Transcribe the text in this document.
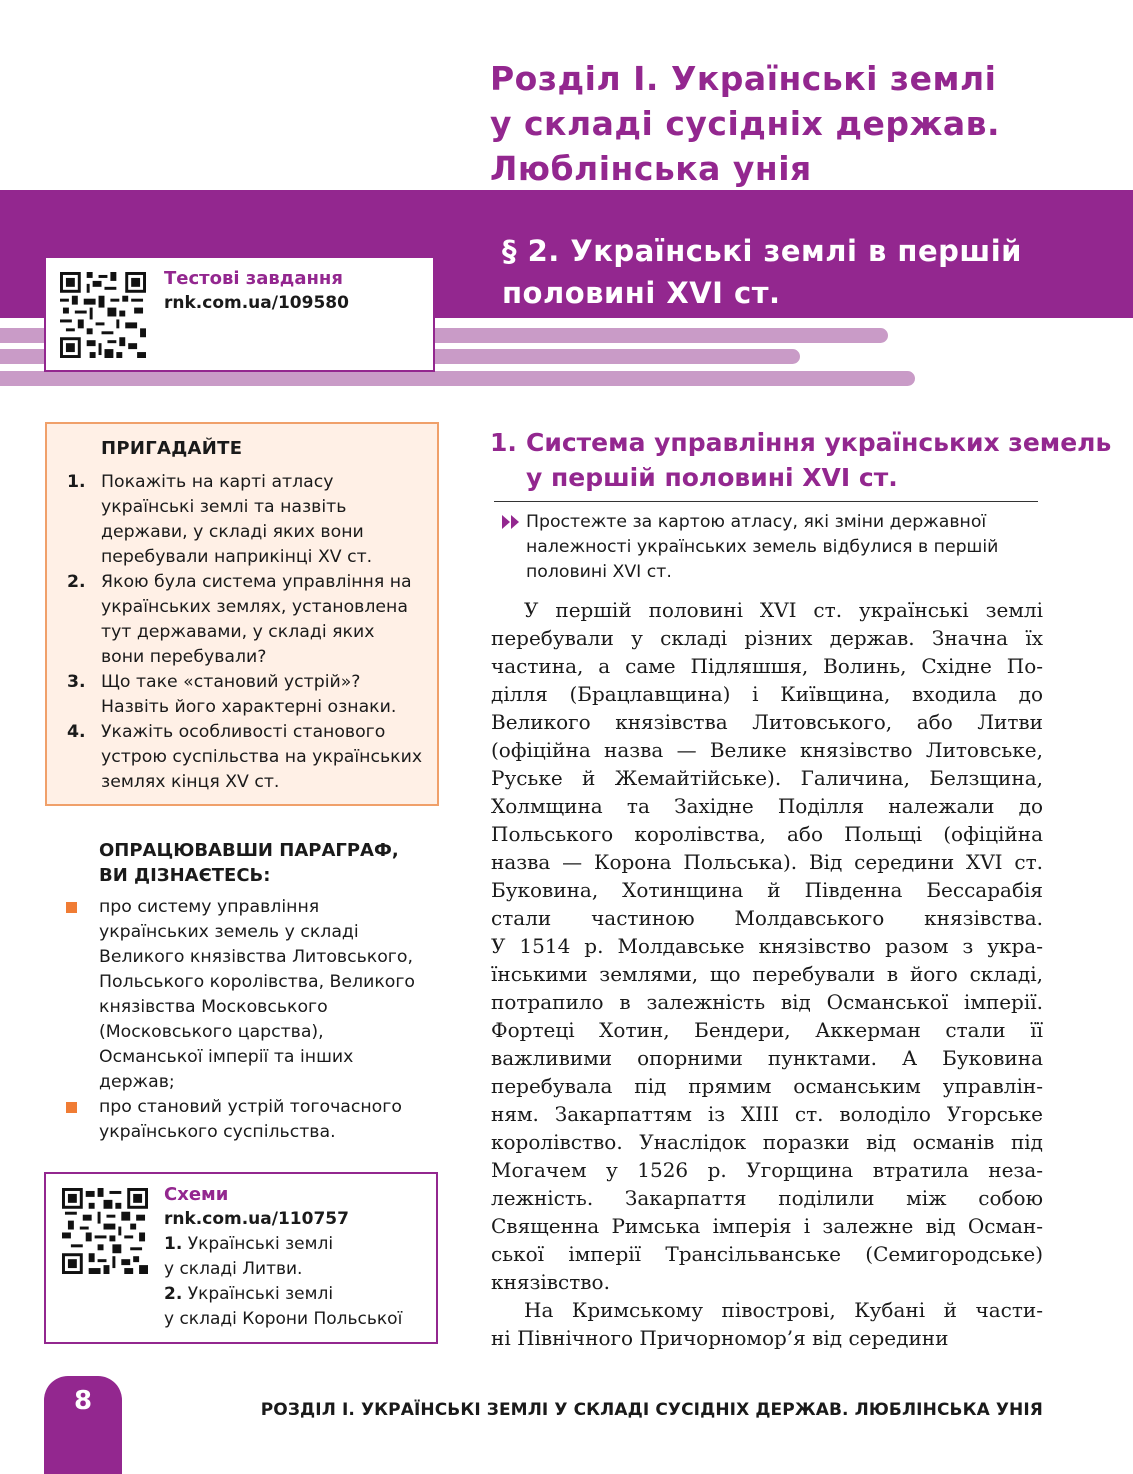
Розділ І. Українські землі
у складі сусідніх держав.
Люблінська унія
§ 2. Українські землі в першій
половині XVI ст.
Тестові завдання
rnk.com.ua/109580
ПРИГАДАЙТЕ
1. Покажіть на карті атласу
українські землі та назвіть
держави, у складі яких вони
перебували наприкінці XV ст.
2. Якою була система управління на
українських землях, установлена
тут державами, у складі яких
вони перебували?
3. Що таке «становий устрій»?
Назвіть його характерні ознаки.
4. Укажіть особливості станового
устрою суспільства на українських
землях кінця XV ст.
ОПРАЦЮВАВШИ ПАРАГРАФ,
ВИ ДІЗНАЄТЕСЬ:
про систему управління
українських земель у складі
Великого князівства Литовського,
Польського королівства, Великого
князівства Московського
(Московського царства),
Османської імперії та інших
держав;
про становий устрій тогочасного
українського суспільства.
Схеми
rnk.com.ua/110757
1. Українські землі
у складі Литви.
2. Українські землі
у складі Корони Польської
1. Система управління українських земель
у першій половині XVI ст.
Простежте за картою атласу, які зміни державної
належності українських земель відбулися в першій
половині XVI ст.
У першій половині XVI ст. українські землі
перебували у складі різних держав. Значна їх
частина, а саме Підляшшя, Волинь, Східне По-
ділля (Брацлавщина) і Київщина, входила до
Великого князівства Литовського, або Литви
(офіційна назва — Велике князівство Литовське,
Руське й Жемайтійське). Галичина, Белзщина,
Холмщина та Західне Поділля належали до
Польського королівства, або Польщі (офіційна
назва — Корона Польська). Від середини XVI ст.
Буковина, Хотинщина й Південна Бессарабія
стали частиною Молдавського князівства.
У 1514 р. Молдавське князівство разом з укра-
їнськими землями, що перебували в його складі,
потрапило в залежність від Османської імперії.
Фортеці Хотин, Бендери, Аккерман стали її
важливими опорними пунктами. А Буковина
перебувала під прямим османським управлін-
ням. Закарпаттям із XIII ст. володіло Угорське
королівство. Унаслідок поразки від османів під
Могачем у 1526 р. Угорщина втратила неза-
лежність. Закарпаття поділили між собою
Священна Римська імперія і залежне від Осман-
ської імперії Трансільванське (Семигородське)
князівство.
На Кримському півострові, Кубані й части-
ні Північного Причорномор’я від середини
8	РОЗДІЛ І. УКРАЇНСЬКІ ЗЕМЛІ У СКЛАДІ СУСІДНІХ ДЕРЖАВ. ЛЮБЛІНСЬКА УНІЯ
